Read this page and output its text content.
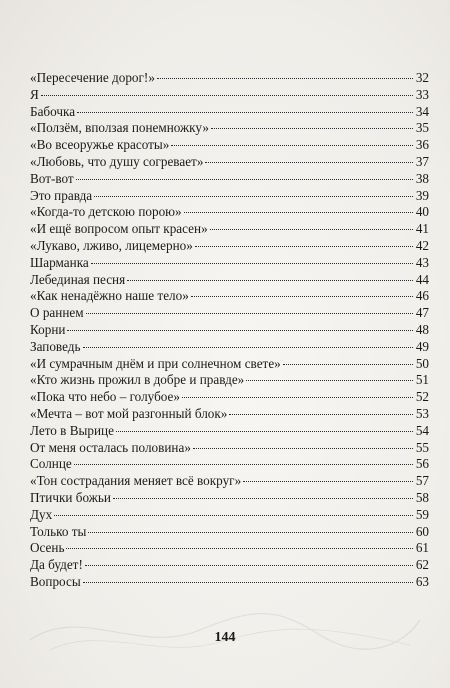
«Пересечение дорог!»	32
Я	33
Бабочка	34
«Ползём, вползая понемножку»	35
«Во всеоружье красоты»	36
«Любовь, что душу согревает»	37
Вот-вот	38
Это правда	39
«Когда-то детскою порою»	40
«И ещё вопросом опыт красен»	41
«Лукаво, лживо, лицемерно»	42
Шарманка	43
Лебединая песня	44
«Как ненадёжно наше тело»	46
О раннем	47
Корни	48
Заповедь	49
«И сумрачным днём и при солнечном свете»	50
«Кто жизнь прожил в добре и правде»	51
«Пока что небо – голубое»	52
«Мечта – вот мой разгонный блок»	53
Лето в Вырице	54
От меня осталась половина»	55
Солнце	56
«Тон сострадания меняет всё вокруг»	57
Птички божьи	58
Дух	59
Только ты	60
Осень	61
Да будет!	62
Вопросы	63
144
